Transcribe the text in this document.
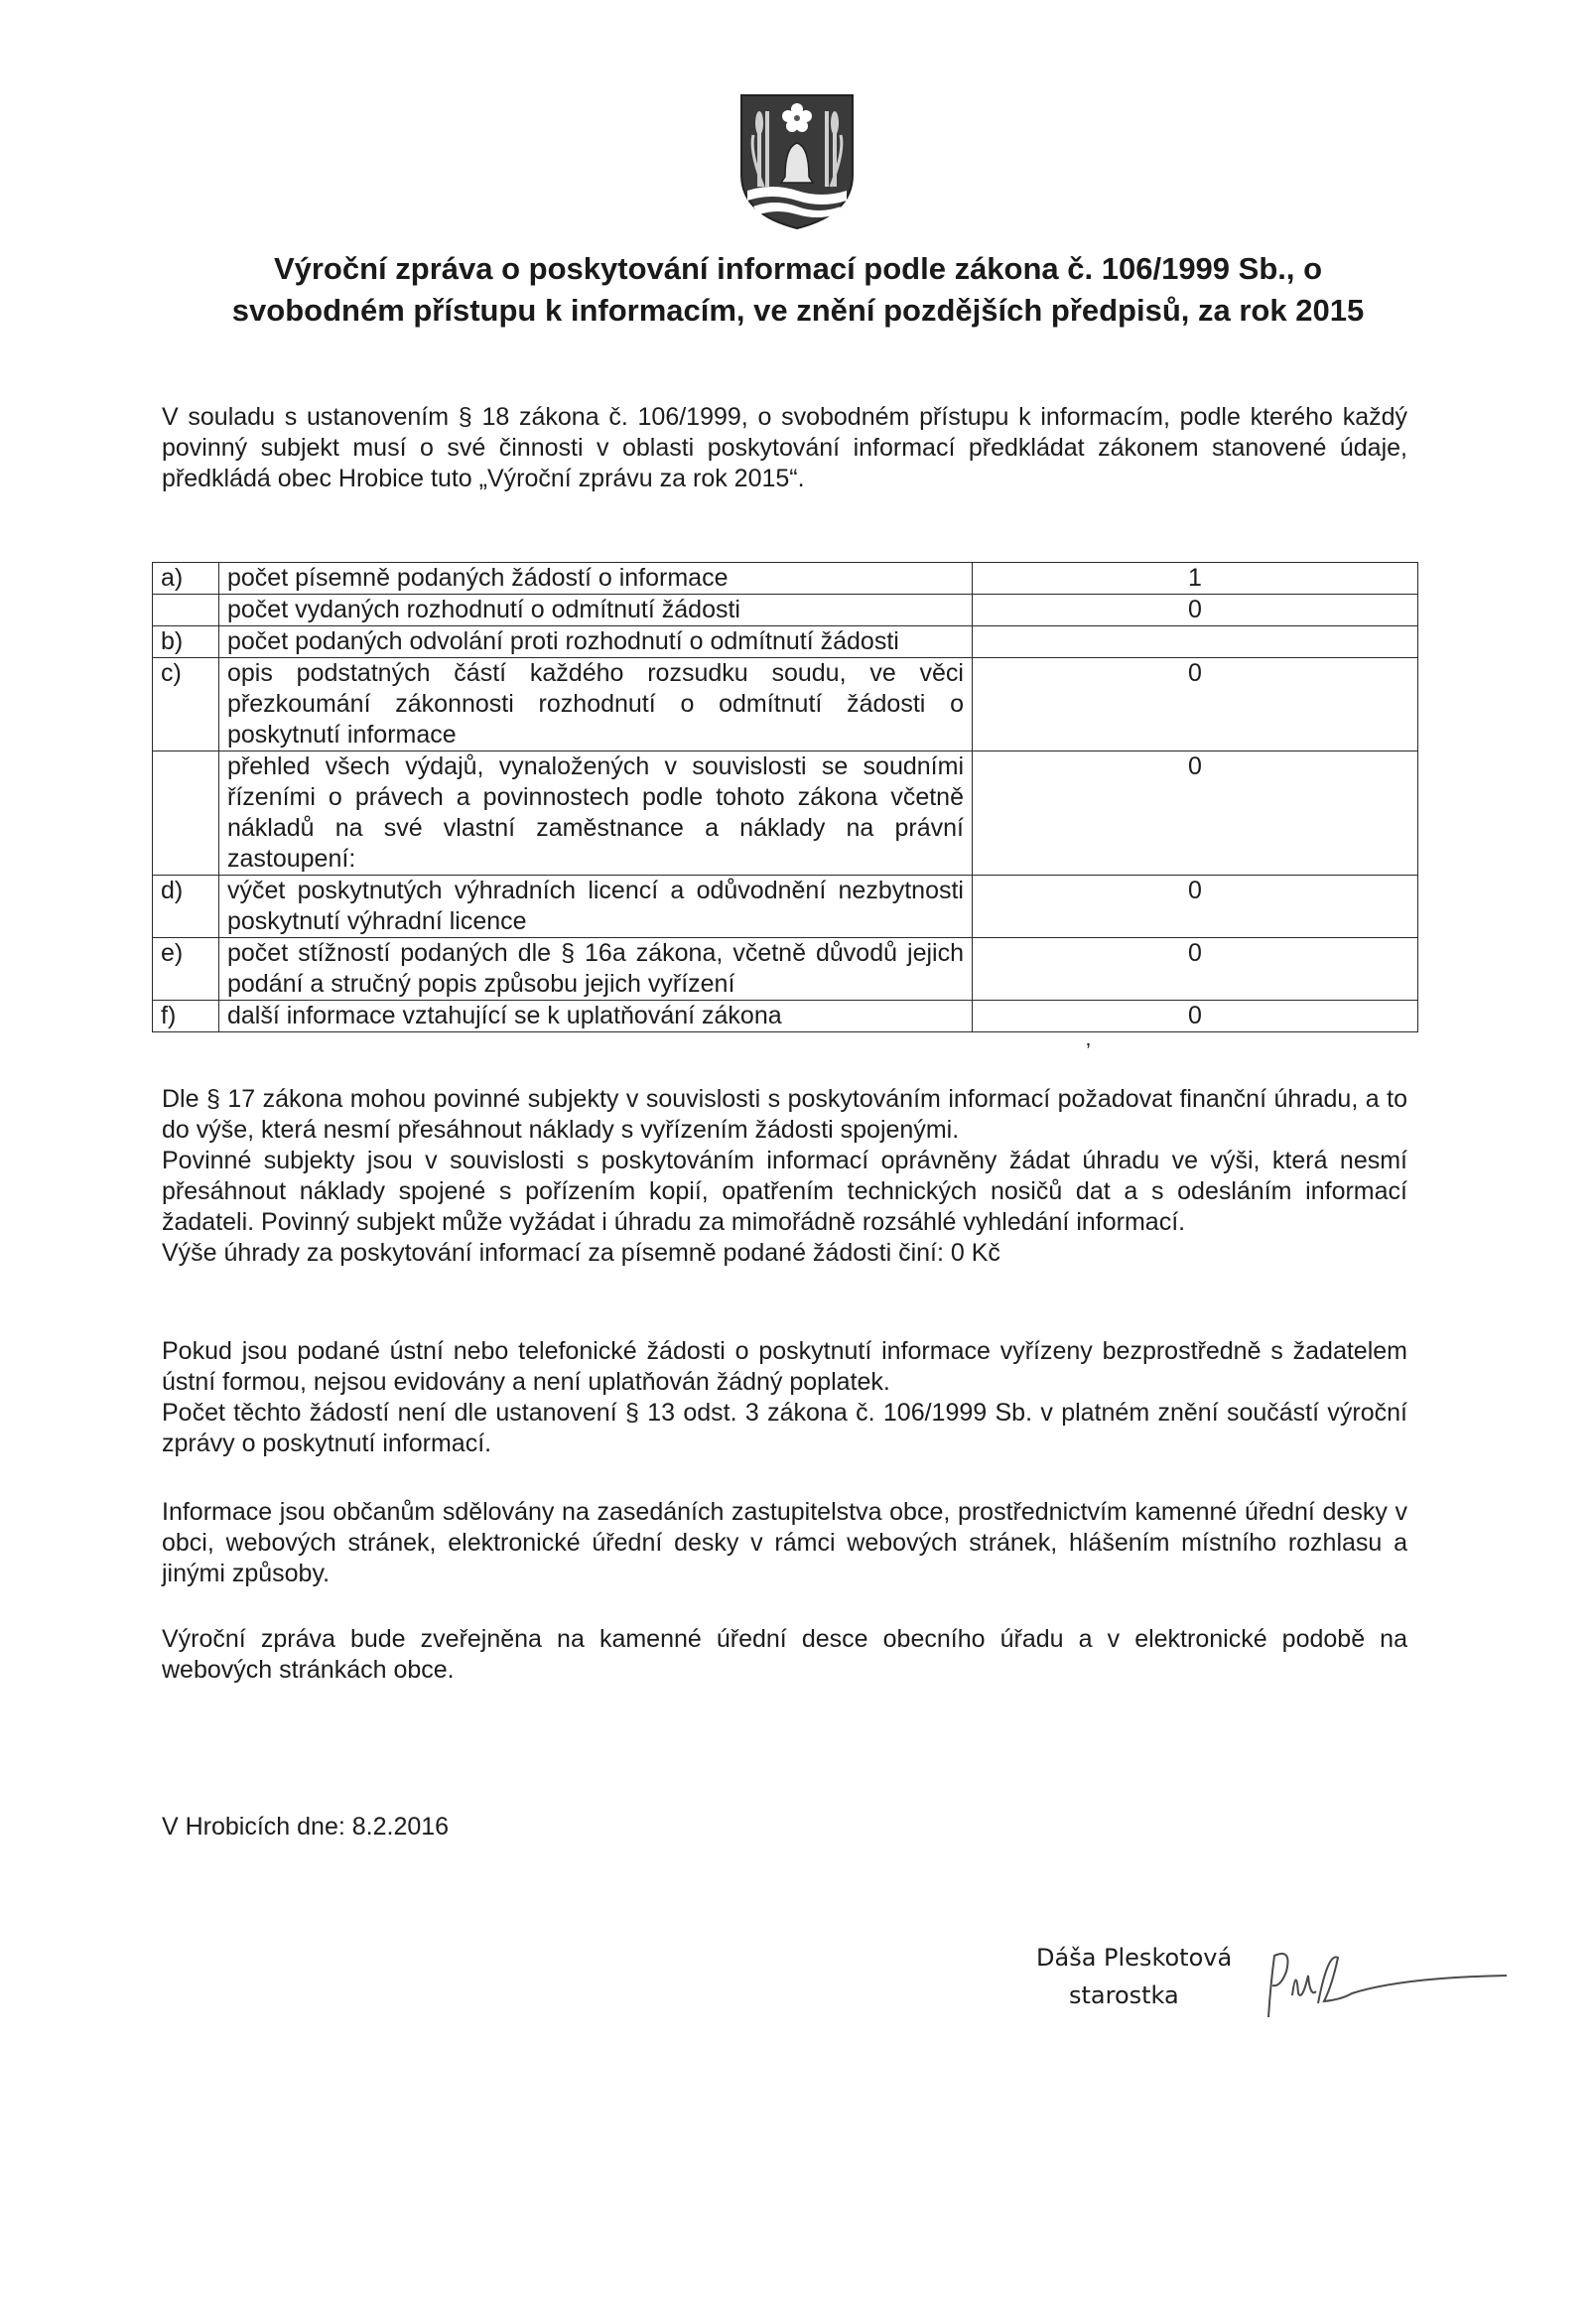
Výroční zpráva o poskytování informací podle zákona č. 106/1999 Sb., o
svobodném přístupu k informacím, ve znění pozdějších předpisů, za rok 2015
V souladu s ustanovením § 18 zákona č. 106/1999, o svobodném přístupu k informacím, podle kterého každý povinný subjekt musí o své činnosti v oblasti poskytování informací předkládat zákonem stanovené údaje, předkládá obec Hrobice tuto „Výroční zprávu za rok 2015“.
a)	počet písemně podaných žádostí o informace	1
	počet vydaných rozhodnutí o odmítnutí žádosti	0
b)	počet podaných odvolání proti rozhodnutí o odmítnutí žádosti	
c)	opis podstatných částí každého rozsudku soudu, ve věci přezkoumání zákonnosti rozhodnutí o odmítnutí žádosti o poskytnutí informace	0
	přehled všech výdajů, vynaložených v souvislosti se soudními řízeními o právech a povinnostech podle tohoto zákona včetně nákladů na své vlastní zaměstnance a náklady na právní zastoupení:	0
d)	výčet poskytnutých výhradních licencí a odůvodnění nezbytnosti poskytnutí výhradní licence	0
e)	počet stížností podaných dle § 16a zákona, včetně důvodů jejich podání a stručný popis způsobu jejich vyřízení	0
f)	další informace vztahující se k uplatňování zákona	0

Dle § 17 zákona mohou povinné subjekty v souvislosti s poskytováním informací požadovat finanční úhradu, a to do výše, která nesmí přesáhnout náklady s vyřízením žádosti spojenými.

Povinné subjekty jsou v souvislosti s poskytováním informací oprávněny žádat úhradu ve výši, která nesmí přesáhnout náklady spojené s pořízením kopií, opatřením technických nosičů dat a s odesláním informací žadateli. Povinný subjekt může vyžádat i úhradu za mimořádně rozsáhlé vyhledání informací.

Výše úhrady za poskytování informací za písemně podané žádosti činí: 0 Kč

Pokud jsou podané ústní nebo telefonické žádosti o poskytnutí informace vyřízeny bezprostředně s žadatelem ústní formou, nejsou evidovány a není uplatňován žádný poplatek.

Počet těchto žádostí není dle ustanovení § 13 odst. 3 zákona č. 106/1999 Sb. v platném znění součástí výroční zprávy o poskytnutí informací.

Informace jsou občanům sdělovány na zasedáních zastupitelstva obce, prostřednictvím kamenné úřední desky v obci, webových stránek, elektronické úřední desky v rámci webových stránek, hlášením místního rozhlasu a jinými způsoby.

Výroční zpráva bude zveřejněna na kamenné úřední desce obecního úřadu a v elektronické podobě na webových stránkách obce.

V Hrobicích dne: 8.2.2016
Dáša Pleskotová
starostka
‚
